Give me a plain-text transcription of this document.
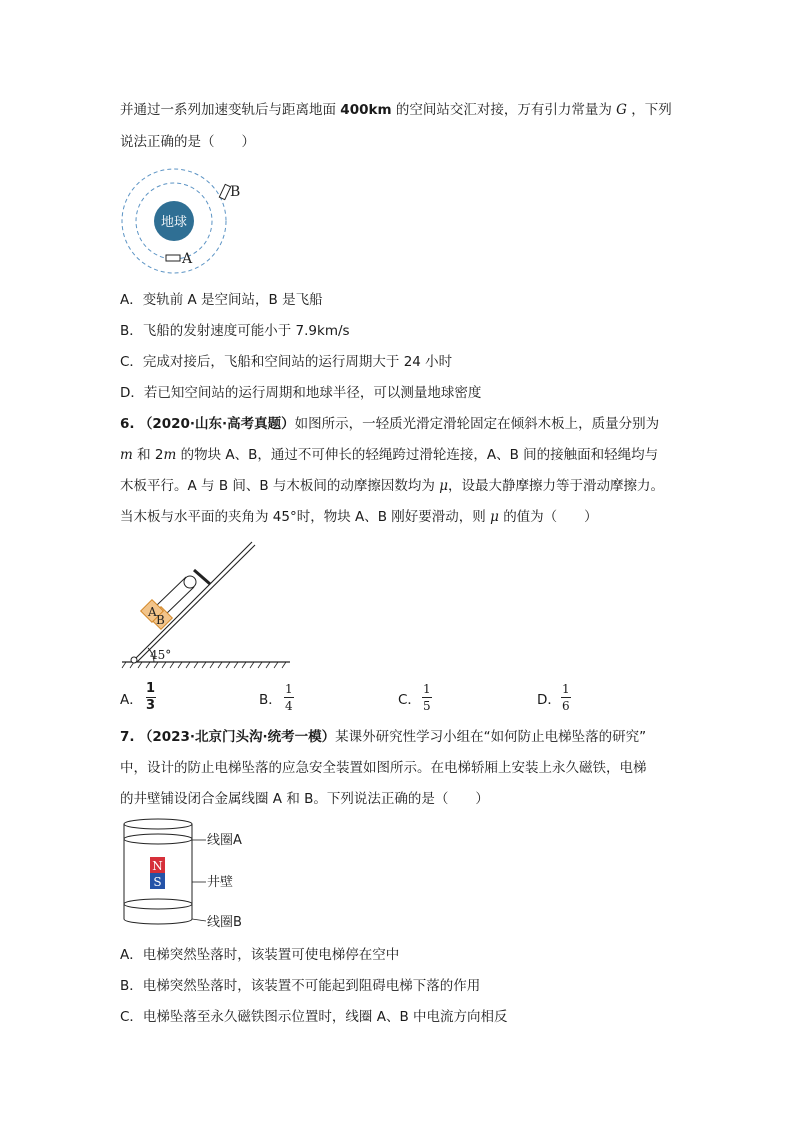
并通过一系列加速变轨后与距离地面 400km 的空间站交汇对接，万有引力常量为 G ，下列
说法正确的是（　　）
地球
A
B
A．变轨前 A 是空间站，B 是飞船
B．飞船的发射速度可能小于 7.9km/s
C．完成对接后，飞船和空间站的运行周期大于 24 小时
D．若已知空间站的运行周期和地球半径，可以测量地球密度
6. （2020·山东·高考真题）如图所示，一轻质光滑定滑轮固定在倾斜木板上，质量分别为
m 和 2m 的物块 A、B，通过不可伸长的轻绳跨过滑轮连接，A、B 间的接触面和轻绳均与
木板平行。A 与 B 间、B 与木板间的动摩擦因数均为 μ，设最大静摩擦力等于滑动摩擦力。
当木板与水平面的夹角为 45°时，物块 A、B 刚好要滑动，则 μ 的值为（　　）
45°
A
B
A．
1
3	B．
1
4	C．
1
5	D．
1
6
7. （2023·北京门头沟·统考一模）某课外研究性学习小组在“如何防止电梯坠落的研究”
中，设计的防止电梯坠落的应急安全装置如图所示。在电梯轿厢上安装上永久磁铁，电梯
的井壁铺设闭合金属线圈 A 和 B。下列说法正确的是（　　）
N
S
线圈A
井壁
线圈B
A．电梯突然坠落时，该装置可使电梯停在空中
B．电梯突然坠落时，该装置不可能起到阻碍电梯下落的作用
C．电梯坠落至永久磁铁图示位置时，线圈 A、B 中电流方向相反
